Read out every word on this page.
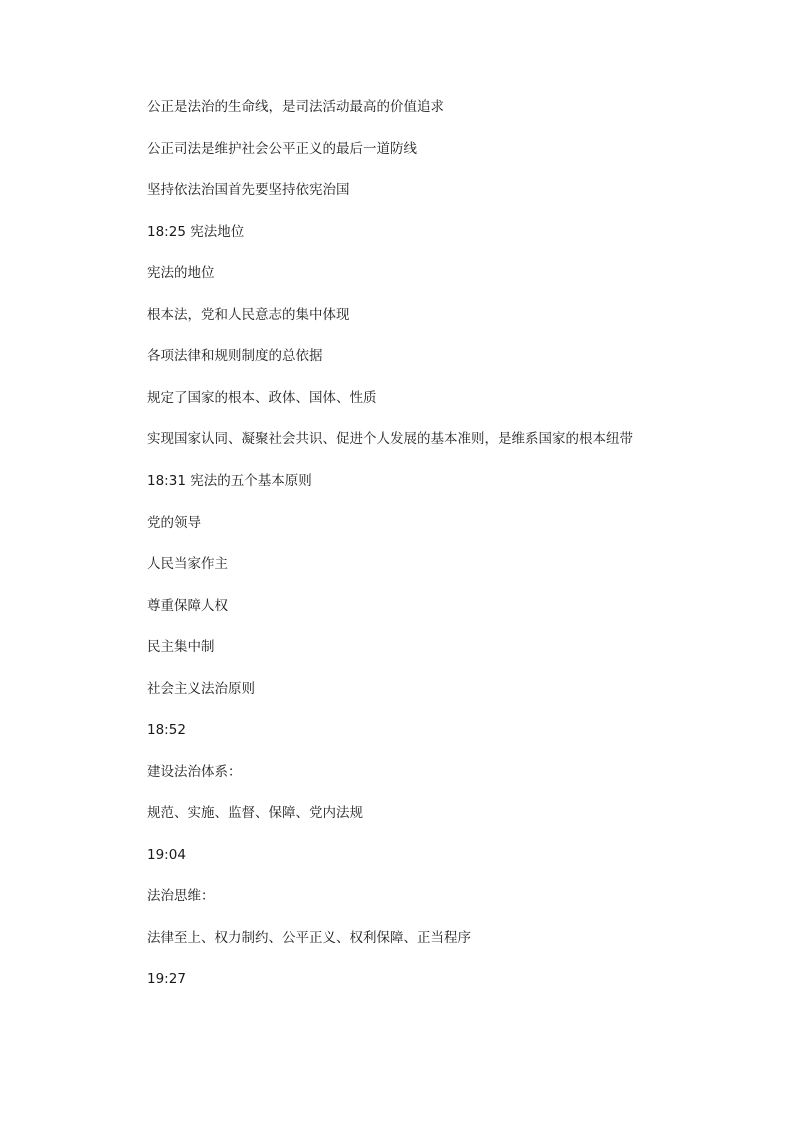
公正是法治的生命线，是司法活动最高的价值追求

公正司法是维护社会公平正义的最后一道防线

坚持依法治国首先要坚持依宪治国

18:25 宪法地位

宪法的地位

根本法，党和人民意志的集中体现

各项法律和规则制度的总依据

规定了国家的根本、政体、国体、性质

实现国家认同、凝聚社会共识、促进个人发展的基本准则，是维系国家的根本纽带

18:31 宪法的五个基本原则

党的领导

人民当家作主

尊重保障人权

民主集中制

社会主义法治原则

18:52

建设法治体系：

规范、实施、监督、保障、党内法规

19:04

法治思维：

法律至上、权力制约、公平正义、权利保障、正当程序

19:27
